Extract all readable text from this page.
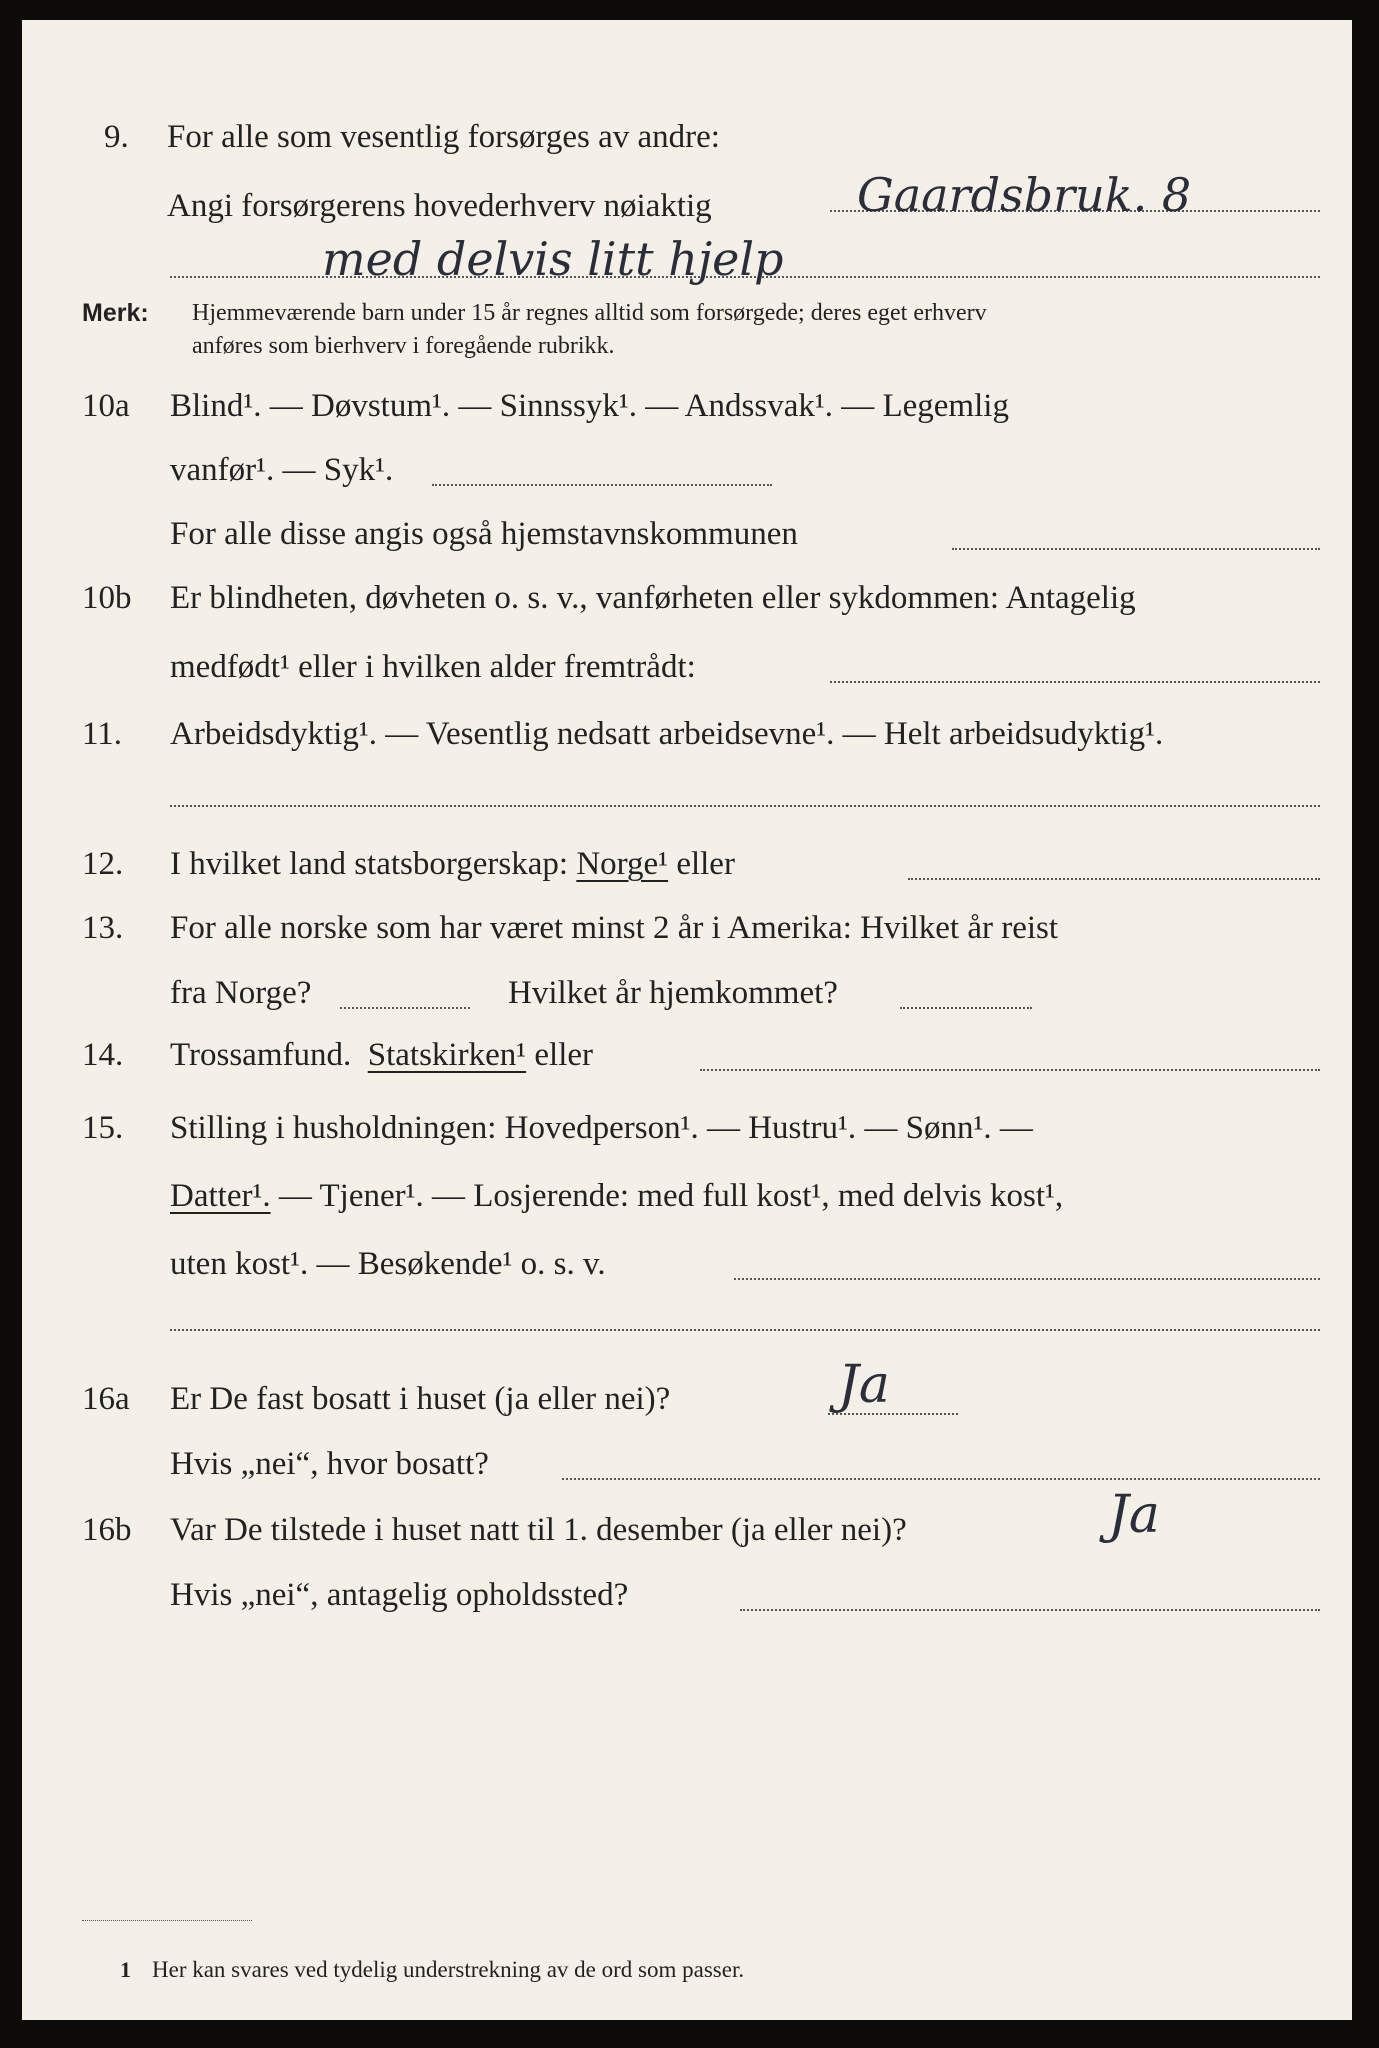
9. For alle som vesentlig forsørges av andre:
Angi forsørgerens hovederhverv nøiaktig	Gaardsbruk. 8
med delvis litt hjelp
Merk: Hjemmeværende barn under 15 år regnes alltid som forsørgede; deres eget erhverv
anføres som bierhverv i foregående rubrikk.
10a Blind¹. — Døvstum¹. — Sinnssyk¹. — Andssvak¹. — Legemlig
vanfør¹. — Syk¹.
For alle disse angis også hjemstavnskommunen
10b Er blindheten, døvheten o. s. v., vanførheten eller sykdommen: Antagelig
medfødt¹ eller i hvilken alder fremtrådt:
11. Arbeidsdyktig¹. — Vesentlig nedsatt arbeidsevne¹. — Helt arbeidsudyktig¹.
12. I hvilket land statsborgerskap: Norge¹ eller
13. For alle norske som har været minst 2 år i Amerika: Hvilket år reist
fra Norge?	Hvilket år hjemkommet?
14. Trossamfund. Statskirken¹ eller
15. Stilling i husholdningen: Hovedperson¹. — Hustru¹. — Sønn¹. —
Datter¹. — Tjener¹. — Losjerende: med full kost¹, med delvis kost¹,
uten kost¹. — Besøkende¹ o. s. v.
16a Er De fast bosatt i huset (ja eller nei)?	Ja
Hvis „nei“, hvor bosatt?
16b Var De tilstede i huset natt til 1. desember (ja eller nei)?	Ja
Hvis „nei“, antagelig opholdssted?
1 Her kan svares ved tydelig understrekning av de ord som passer.
